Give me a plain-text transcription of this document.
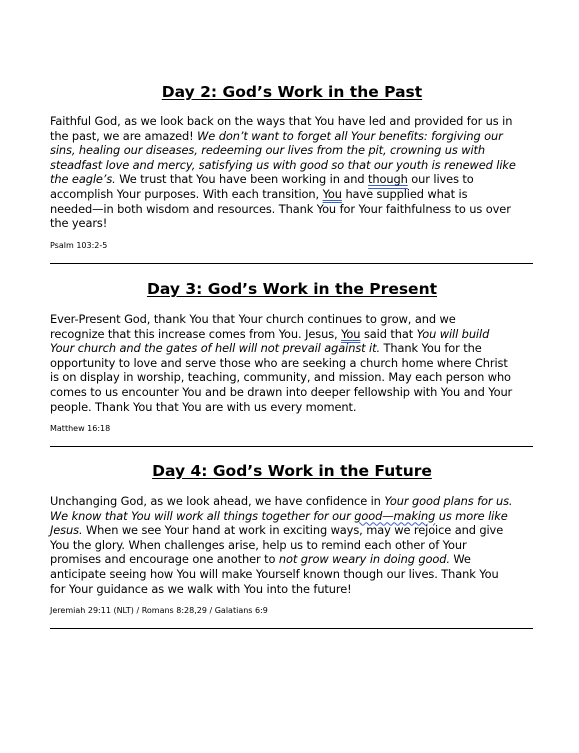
Day 2: God’s Work in the Past

Faithful God, as we look back on the ways that You have led and provided for us in
the past, we are amazed! We don’t want to forget all Your benefits: forgiving our
sins, healing our diseases, redeeming our lives from the pit, crowning us with
steadfast love and mercy, satisfying us with good so that our youth is renewed like
the eagle’s. We trust that You have been working in and though our lives to
accomplish Your purposes. With each transition, You have supplied what is
needed—in both wisdom and resources. Thank You for Your faithfulness to us over
the years!

Psalm 103:2-5

Day 3: God’s Work in the Present

Ever-Present God, thank You that Your church continues to grow, and we
recognize that this increase comes from You. Jesus, You said that You will build
Your church and the gates of hell will not prevail against it. Thank You for the
opportunity to love and serve those who are seeking a church home where Christ
is on display in worship, teaching, community, and mission. May each person who
comes to us encounter You and be drawn into deeper fellowship with You and Your
people. Thank You that You are with us every moment.

Matthew 16:18

Day 4: God’s Work in the Future

Unchanging God, as we look ahead, we have confidence in Your good plans for us.
We know that You will work all things together for our good—making us more like
Jesus. When we see Your hand at work in exciting ways, may we rejoice and give
You the glory. When challenges arise, help us to remind each other of Your
promises and encourage one another to not grow weary in doing good. We
anticipate seeing how You will make Yourself known though our lives. Thank You
for Your guidance as we walk with You into the future!

Jeremiah 29:11 (NLT) / Romans 8:28,29 / Galatians 6:9
